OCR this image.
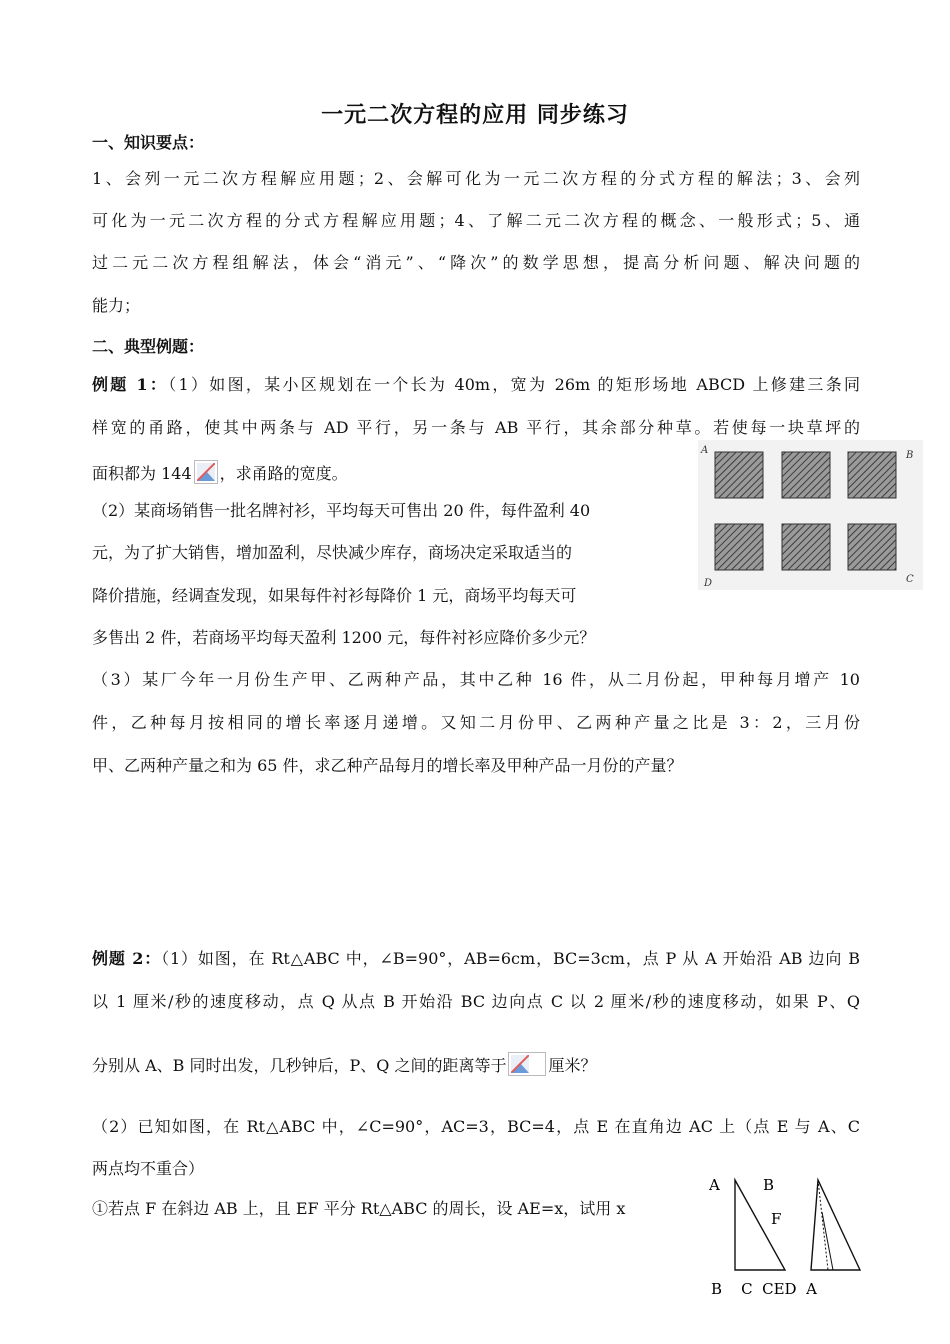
一元二次方程的应用 同步练习
一、知识要点：
1、会列一元二次方程解应用题；2、会解可化为一元二次方程的分式方程的解法；3、会列
可化为一元二次方程的分式方程解应用题；4、了解二元二次方程的概念、一般形式；5、通
过二元二次方程组解法，体会“消元”、“降次”的数学思想，提高分析问题、解决问题的
能力；
二、典型例题：
例题 1：（1）如图，某小区规划在一个长为 40m，宽为 26m 的矩形场地 ABCD 上修建三条同
样宽的甬路，使其中两条与 AD 平行，另一条与 AB 平行，其余部分种草。若使每一块草坪的
面积都为 144 ，求甬路的宽度。
（2）某商场销售一批名牌衬衫，平均每天可售出 20 件，每件盈利 40
元，为了扩大销售，增加盈利，尽快减少库存，商场决定采取适当的
降价措施，经调查发现，如果每件衬衫每降价 1 元，商场平均每天可
多售出 2 件，若商场平均每天盈利 1200 元，每件衬衫应降价多少元？
（3）某厂今年一月份生产甲、乙两种产品，其中乙种 16 件，从二月份起，甲种每月增产 10
件，乙种每月按相同的增长率逐月递增。又知二月份甲、乙两种产量之比是 3：2，三月份
甲、乙两种产量之和为 65 件，求乙种产品每月的增长率及甲种产品一月份的产量？
A	B
C
D
例题 2：（1）如图，在 Rt△ABC 中，∠B=90°，AB=6cm，BC=3cm，点 P 从 A 开始沿 AB 边向 B
以 1 厘米/秒的速度移动，点 Q 从点 B 开始沿 BC 边向点 C 以 2 厘米/秒的速度移动，如果 P、Q
分别从 A、B 同时出发，几秒钟后，P、Q 之间的距离等于	厘米？
（2）已知如图，在 Rt△ABC 中，∠C=90°，AC=3，BC=4，点 E 在直角边 AC 上（点 E 与 A、C
两点均不重合）
①若点 F 在斜边 AB 上，且 EF 平分 Rt△ABC 的周长，设 AE=x，试用 x
A	B
F
B    C  CED  A
